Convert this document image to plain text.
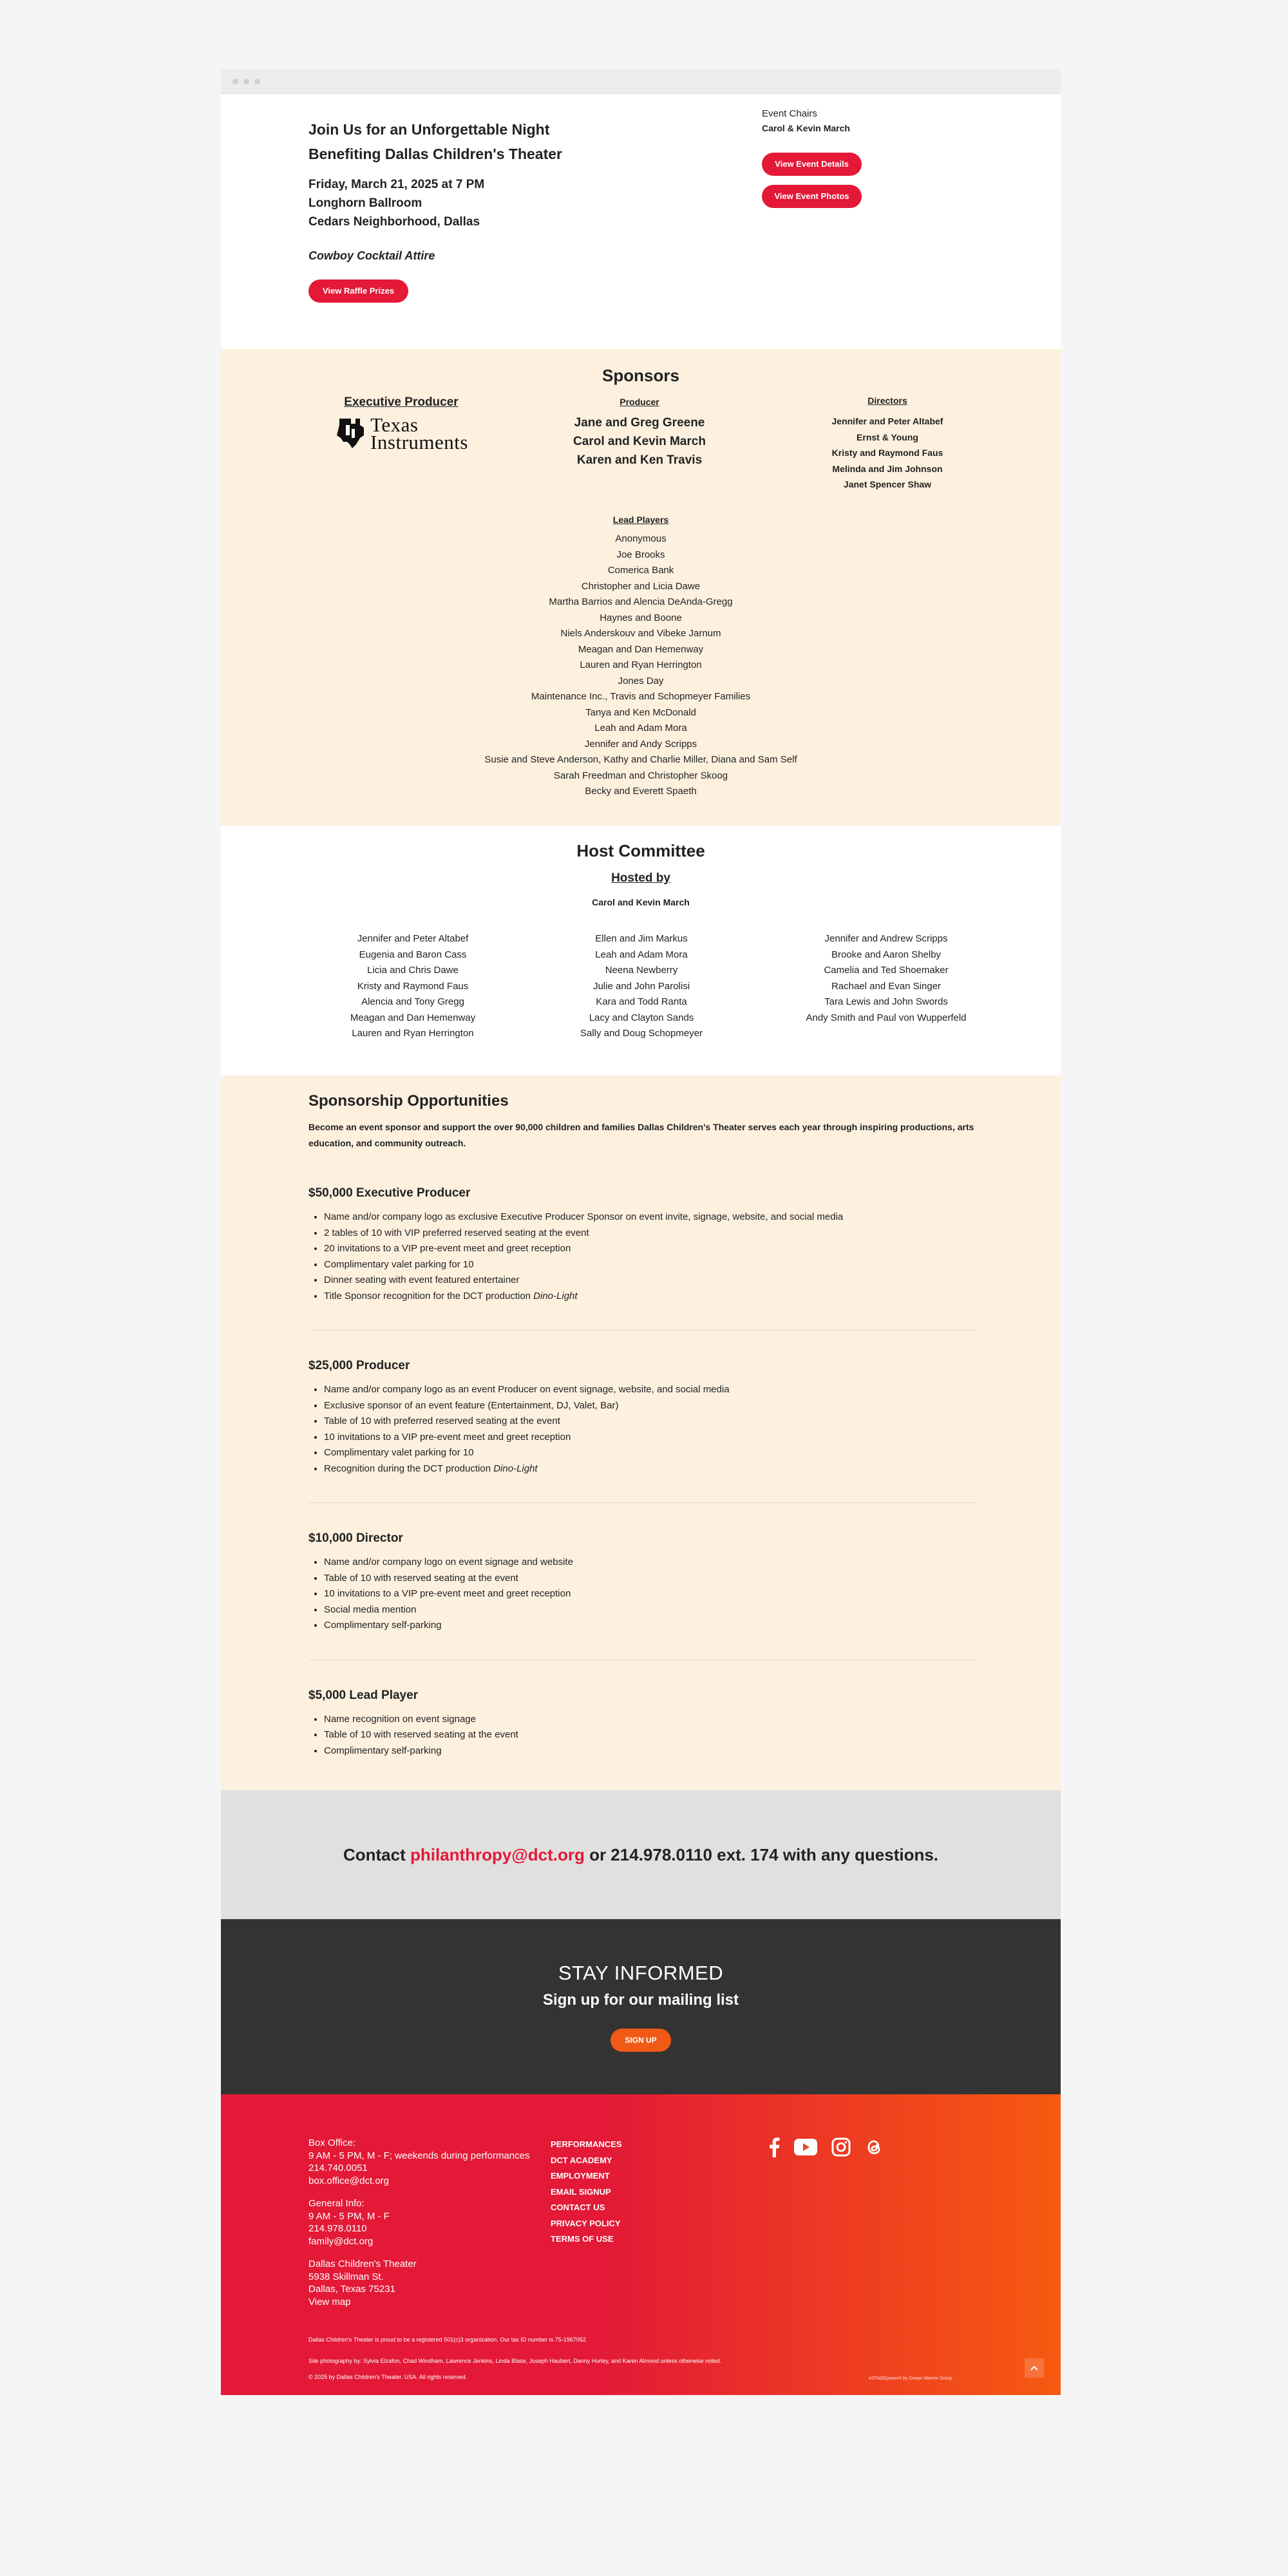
Join Us for an Unforgettable Night
Benefiting Dallas Children's Theater
Friday, March 21, 2025 at 7 PM
Longhorn Ballroom
Cedars Neighborhood, Dallas
Cowboy Cocktail Attire
View Raffle Prizes
Event Chairs
Carol & Kevin March
View Event Details
View Event Photos
Sponsors
Executive Producer
Texas
Instruments
Producer
Jane and Greg Greene
Carol and Kevin March
Karen and Ken Travis
Directors
Jennifer and Peter Altabef
Ernst & Young
Kristy and Raymond Faus
Melinda and Jim Johnson
Janet Spencer Shaw
Lead Players
Anonymous
Joe Brooks
Comerica Bank
Christopher and Licia Dawe
Martha Barrios and Alencia DeAnda-Gregg
Haynes and Boone
Niels Anderskouv and Vibeke Jarnum
Meagan and Dan Hemenway
Lauren and Ryan Herrington
Jones Day
Maintenance Inc., Travis and Schopmeyer Families
Tanya and Ken McDonald
Leah and Adam Mora
Jennifer and Andy Scripps
Susie and Steve Anderson, Kathy and Charlie Miller, Diana and Sam Self
Sarah Freedman and Christopher Skoog
Becky and Everett Spaeth
Host Committee
Hosted by
Carol and Kevin March
Jennifer and Peter Altabef
Eugenia and Baron Cass
Licia and Chris Dawe
Kristy and Raymond Faus
Alencia and Tony Gregg
Meagan and Dan Hemenway
Lauren and Ryan Herrington
Ellen and Jim Markus
Leah and Adam Mora
Neena Newberry
Julie and John Parolisi
Kara and Todd Ranta
Lacy and Clayton Sands
Sally and Doug Schopmeyer
Jennifer and Andrew Scripps
Brooke and Aaron Shelby
Camelia and Ted Shoemaker
Rachael and Evan Singer
Tara Lewis and John Swords
Andy Smith and Paul von Wupperfeld
Sponsorship Opportunities

Become an event sponsor and support the over 90,000 children and families Dallas Children's Theater serves each year through inspiring productions, arts education, and community outreach.

$50,000 Executive Producer
• Name and/or company logo as exclusive Executive Producer Sponsor on event invite, signage, website, and social media
• 2 tables of 10 with VIP preferred reserved seating at the event
• 20 invitations to a VIP pre-event meet and greet reception
• Complimentary valet parking for 10
• Dinner seating with event featured entertainer
• Title Sponsor recognition for the DCT production Dino-Light
$25,000 Producer
• Name and/or company logo as an event Producer on event signage, website, and social media
• Exclusive sponsor of an event feature (Entertainment, DJ, Valet, Bar)
• Table of 10 with preferred reserved seating at the event
• 10 invitations to a VIP pre-event meet and greet reception
• Complimentary valet parking for 10
• Recognition during the DCT production Dino-Light
$10,000 Director
• Name and/or company logo on event signage and website
• Table of 10 with reserved seating at the event
• 10 invitations to a VIP pre-event meet and greet reception
• Social media mention
• Complimentary self-parking
$5,000 Lead Player
• Name recognition on event signage
• Table of 10 with reserved seating at the event
• Complimentary self-parking
Contact philanthropy@dct.org or 214.978.0110 ext. 174 with any questions.
STAY INFORMED
Sign up for our mailing list
SIGN UP
Box Office:
9 AM - 5 PM, M - F; weekends during performances
214.740.0051
box.office@dct.org
General Info:
9 AM - 5 PM, M - F
214.978.0110
family@dct.org
Dallas Children's Theater
5938 Skillman St.
Dallas, Texas 75231
View map
PERFORMANCES
DCT ACADEMY
EMPLOYMENT
EMAIL SIGNUP
CONTACT US
PRIVACY POLICY
TERMS OF USE

Dallas Children's Theater is proud to be a registered 501(c)3 organization. Our tax ID number is 75-1967052.

Site photography by: Sylvia Elzafon, Chad Windham, Lawrence Jenkins, Linda Blase, Joseph Haubert, Danny Hurley, and Karen Almond unless otherwise noted.

© 2025 by Dallas Children's Theater. USA. All rights reserved.	eSTAGEpower® by Dream Warrior Group
